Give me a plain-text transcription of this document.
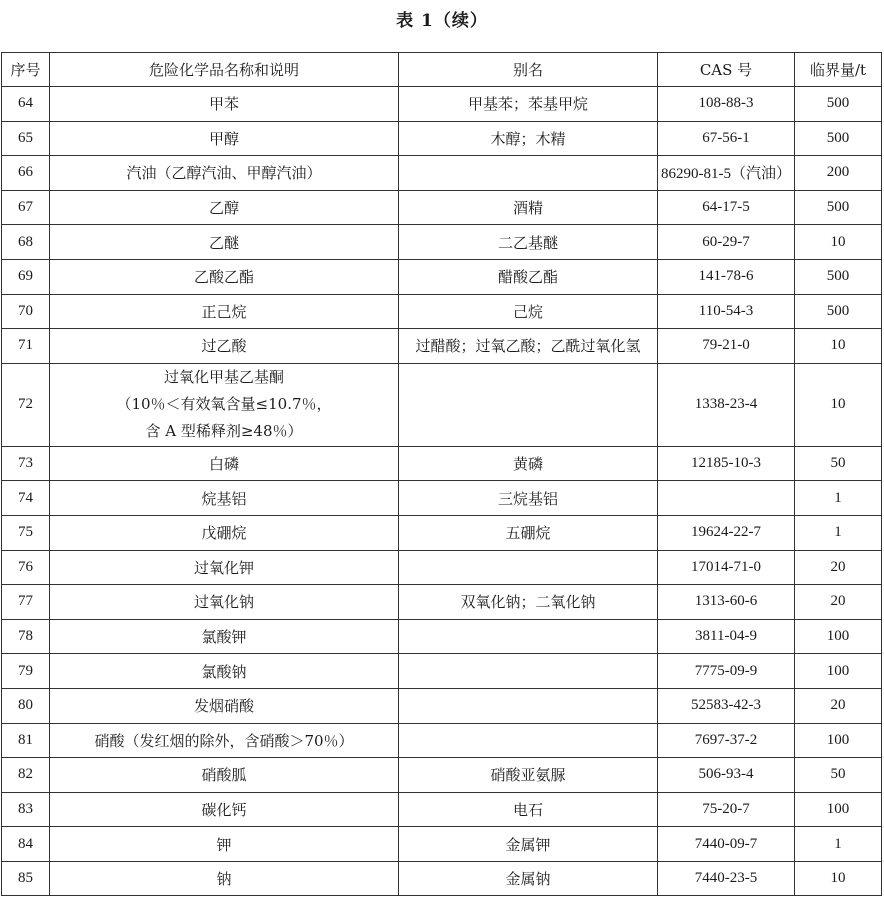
表 1（续）
序号	危险化学品名称和说明	别名	CAS 号	临界量/t
64	甲苯	甲基苯；苯基甲烷	108-88-3	500
65	甲醇	木醇；木精	67-56-1	500
66	汽油（乙醇汽油、甲醇汽油）		86290-81-5（汽油）	200
67	乙醇	酒精	64-17-5	500
68	乙醚	二乙基醚	60-29-7	10
69	乙酸乙酯	醋酸乙酯	141-78-6	500
70	正己烷	己烷	110-54-3	500
71	过乙酸	过醋酸；过氧乙酸；乙酰过氧化氢	79-21-0	10
72	过氧化甲基乙基酮
（10％＜有效氧含量≤10.7％，
含 A 型稀释剂≥48％）		1338-23-4	10
73	白磷	黄磷	12185-10-3	50
74	烷基铝	三烷基铝		1
75	戊硼烷	五硼烷	19624-22-7	1
76	过氧化钾		17014-71-0	20
77	过氧化钠	双氧化钠；二氧化钠	1313-60-6	20
78	氯酸钾		3811-04-9	100
79	氯酸钠		7775-09-9	100
80	发烟硝酸		52583-42-3	20
81	硝酸（发红烟的除外，含硝酸＞70％）		7697-37-2	100
82	硝酸胍	硝酸亚氨脲	506-93-4	50
83	碳化钙	电石	75-20-7	100
84	钾	金属钾	7440-09-7	1
85	钠	金属钠	7440-23-5	10
